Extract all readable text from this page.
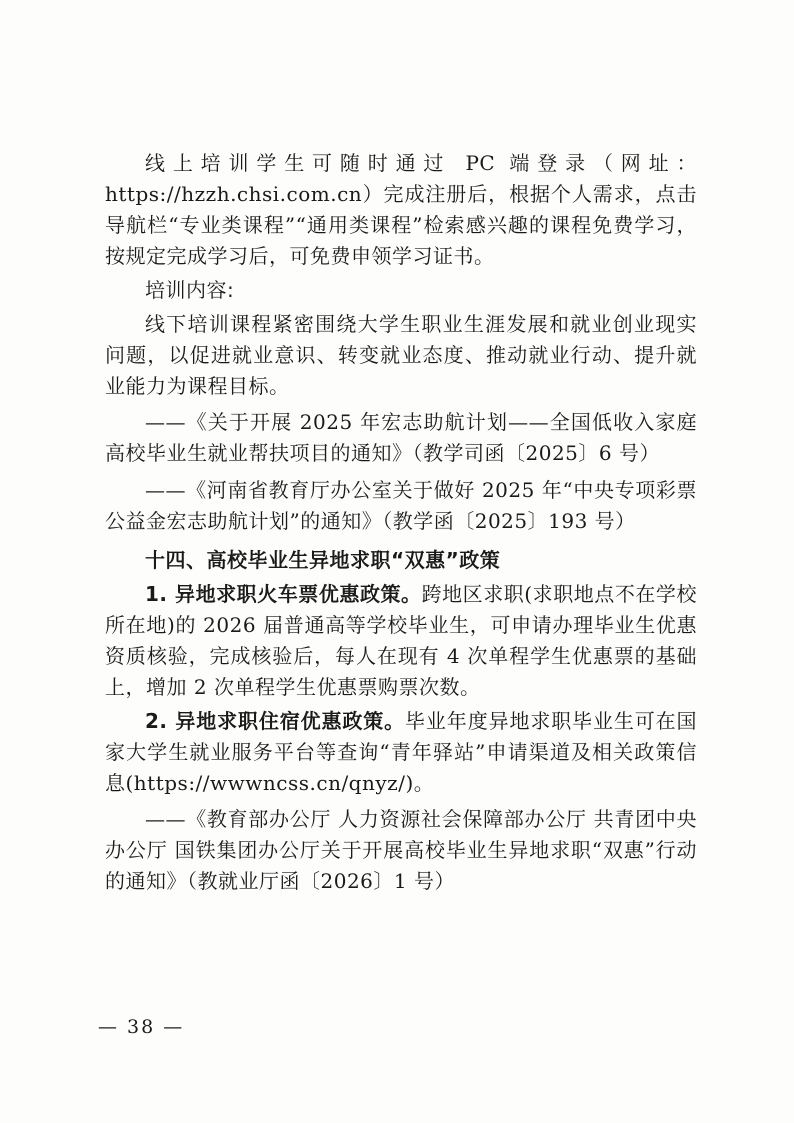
线上培训学生可随时通过 PC 端登录（网址：https://hzzh.chsi.com.cn）完成注册后，根据个人需求，点击导航栏“专业类课程”“通用类课程”检索感兴趣的课程免费学习，按规定完成学习后，可免费申领学习证书。

培训内容:

线下培训课程紧密围绕大学生职业生涯发展和就业创业现实问题，以促进就业意识、转变就业态度、推动就业行动、提升就业能力为课程目标。

——《关于开展 2025 年宏志助航计划——全国低收入家庭高校毕业生就业帮扶项目的通知》（教学司函〔2025〕6 号）

——《河南省教育厅办公室关于做好 2025 年“中央专项彩票公益金宏志助航计划”的通知》（教学函〔2025〕193 号）

十四、高校毕业生异地求职“双惠”政策

1. 异地求职火车票优惠政策。跨地区求职(求职地点不在学校所在地)的 2026 届普通高等学校毕业生，可申请办理毕业生优惠资质核验，完成核验后，每人在现有 4 次单程学生优惠票的基础上，增加 2 次单程学生优惠票购票次数。

2. 异地求职住宿优惠政策。毕业年度异地求职毕业生可在国家大学生就业服务平台等查询“青年驿站”申请渠道及相关政策信息(https://wwwncss.cn/qnyz/)。

——《教育部办公厅 人力资源社会保障部办公厅 共青团中央办公厅 国铁集团办公厅关于开展高校毕业生异地求职“双惠”行动的通知》（教就业厅函〔2026〕1 号）

— 38 —
